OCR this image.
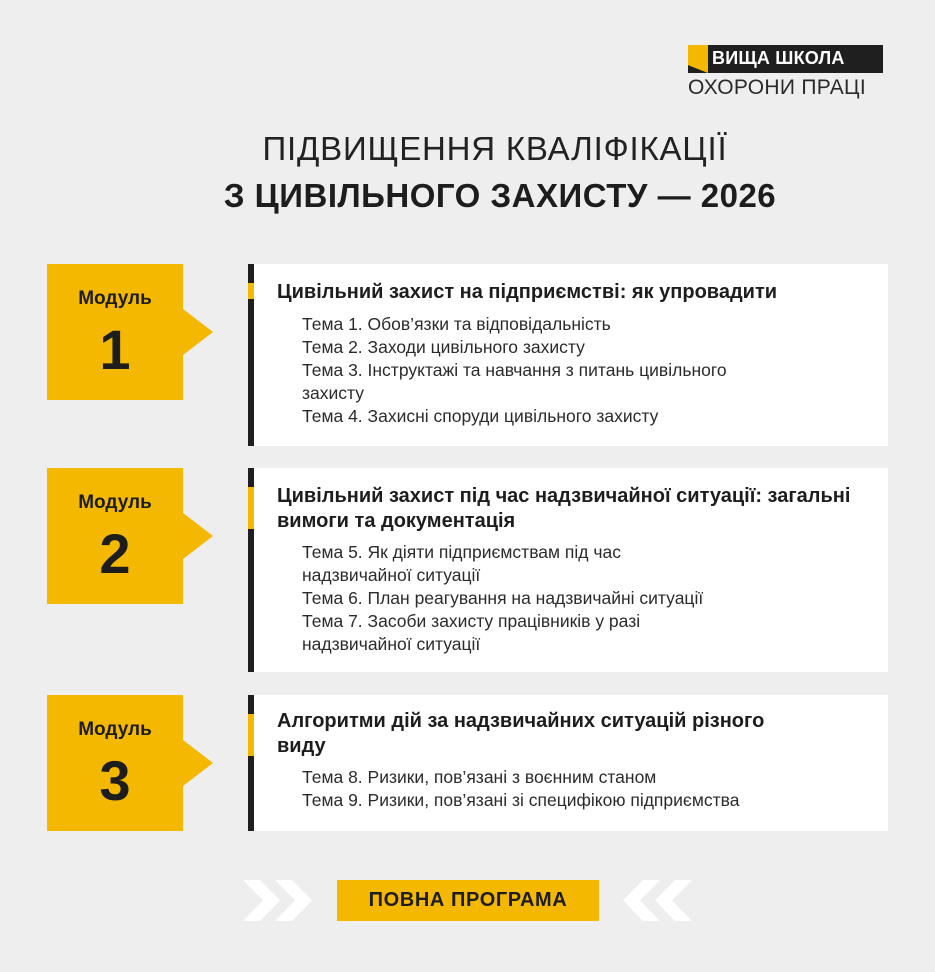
ВИЩА ШКОЛА
ОХОРОНИ ПРАЦІ
ПІДВИЩЕННЯ КВАЛІФІКАЦІЇ
З ЦИВІЛЬНОГО ЗАХИСТУ — 2026
Модуль
1
Цивільний захист на підприємстві: як упровадити
Тема 1. Обов’язки та відповідальність
Тема 2. Заходи цивільного захисту
Тема 3. Інструктажі та навчання з питань цивільного захисту
Тема 4. Захисні споруди цивільного захисту
Модуль
2
Цивільний захист під час надзвичайної ситуації: загальні вимоги та документація
Тема 5. Як діяти підприємствам під час надзвичайної ситуації
Тема 6. План реагування на надзвичайні ситуації
Тема 7. Засоби захисту працівників у разі надзвичайної ситуації
Модуль
3
Алгоритми дій за надзвичайних ситуацій різного виду
Тема 8. Ризики, пов’язані з воєнним станом
Тема 9. Ризики, пов’язані зі специфікою підприємства
ПОВНА ПРОГРАМА
